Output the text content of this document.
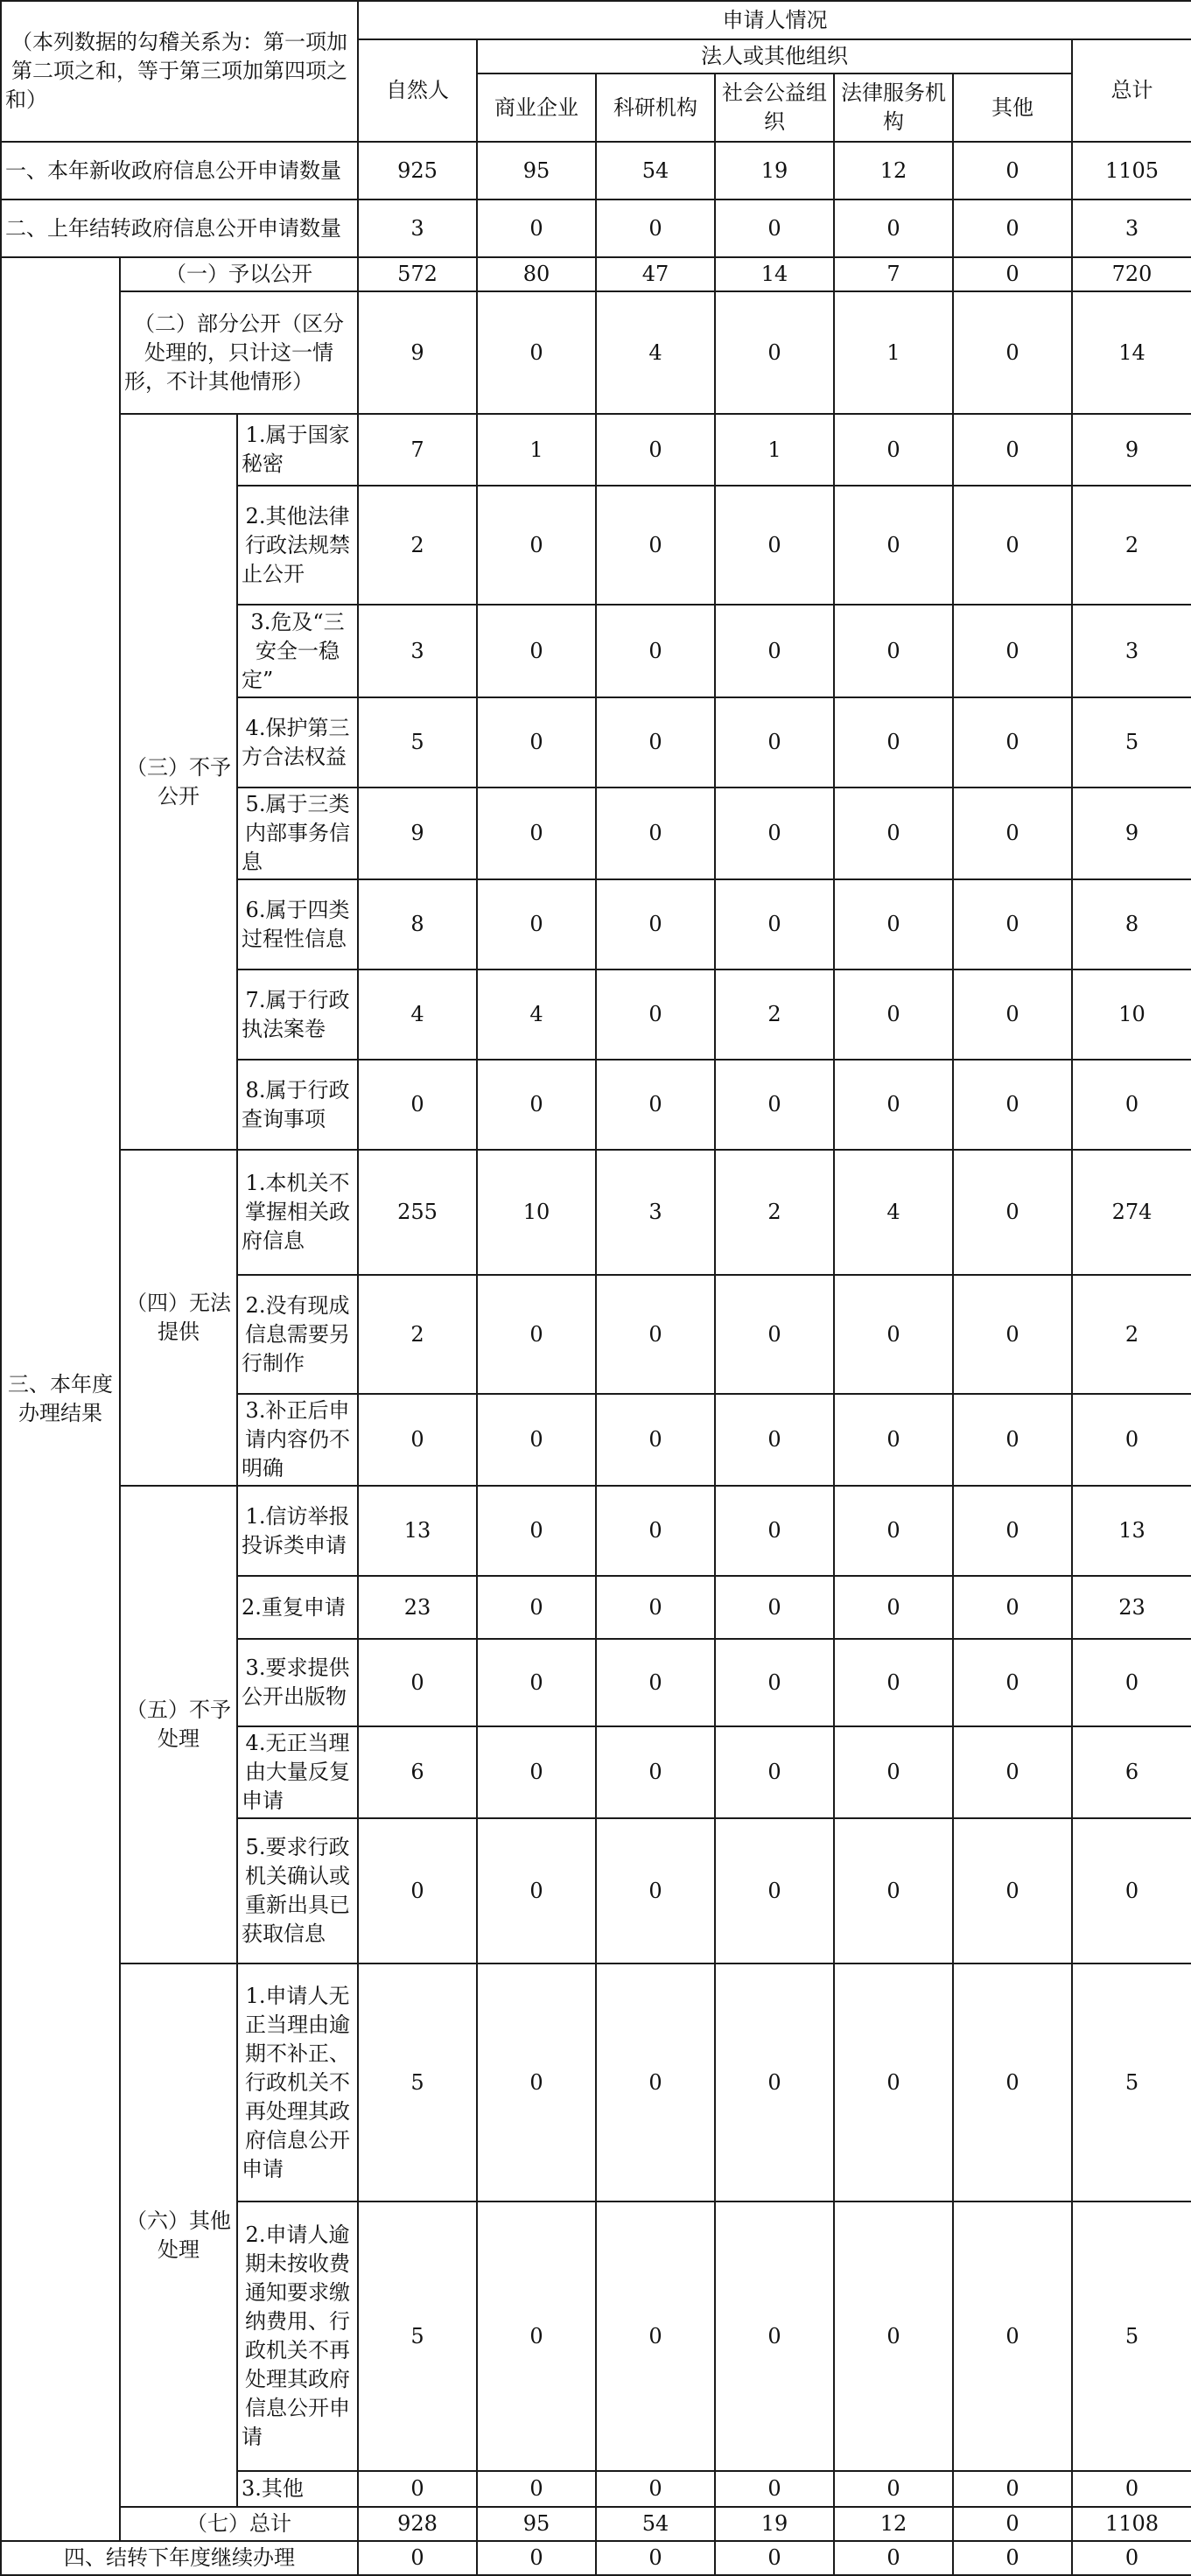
（本列数据的勾稽关系为：第一项加第二项之和，等于第三项加第四项之和）			申请人情况						
			自然人	法人或其他组织					总计
				商业企业	科研机构	社会公益组织	法律服务机构	其他	
一、本年新收政府信息公开申请数量			925	95	54	19	12	0	1105
二、上年结转政府信息公开申请数量			3	0	0	0	0	0	3
三、本年度办理结果	（一）予以公开		572	80	47	14	7	0	720
	（二）部分公开（区分处理的，只计这一情形，不计其他情形）		9	0	4	0	1	0	14
	（三）不予公开	1.属于国家秘密	7	1	0	1	0	0	9
		2.其他法律行政法规禁止公开	2	0	0	0	0	0	2
		3.危及“三安全一稳定”	3	0	0	0	0	0	3
		4.保护第三方合法权益	5	0	0	0	0	0	5
		5.属于三类内部事务信息	9	0	0	0	0	0	9
		6.属于四类过程性信息	8	0	0	0	0	0	8
		7.属于行政执法案卷	4	4	0	2	0	0	10
		8.属于行政查询事项	0	0	0	0	0	0	0
	（四）无法提供	1.本机关不掌握相关政府信息	255	10	3	2	4	0	274
		2.没有现成信息需要另行制作	2	0	0	0	0	0	2
		3.补正后申请内容仍不明确	0	0	0	0	0	0	0
	（五）不予处理	1.信访举报投诉类申请	13	0	0	0	0	0	13
		2.重复申请	23	0	0	0	0	0	23
		3.要求提供公开出版物	0	0	0	0	0	0	0
		4.无正当理由大量反复申请	6	0	0	0	0	0	6
		5.要求行政机关确认或重新出具已获取信息	0	0	0	0	0	0	0
	（六）其他处理	1.申请人无正当理由逾期不补正、行政机关不再处理其政府信息公开申请	5	0	0	0	0	0	5
		2.申请人逾期未按收费通知要求缴纳费用、行政机关不再处理其政府信息公开申请	5	0	0	0	0	0	5
		3.其他	0	0	0	0	0	0	0
	（七）总计		928	95	54	19	12	0	1108
四、结转下年度继续办理			0	0	0	0	0	0	0
